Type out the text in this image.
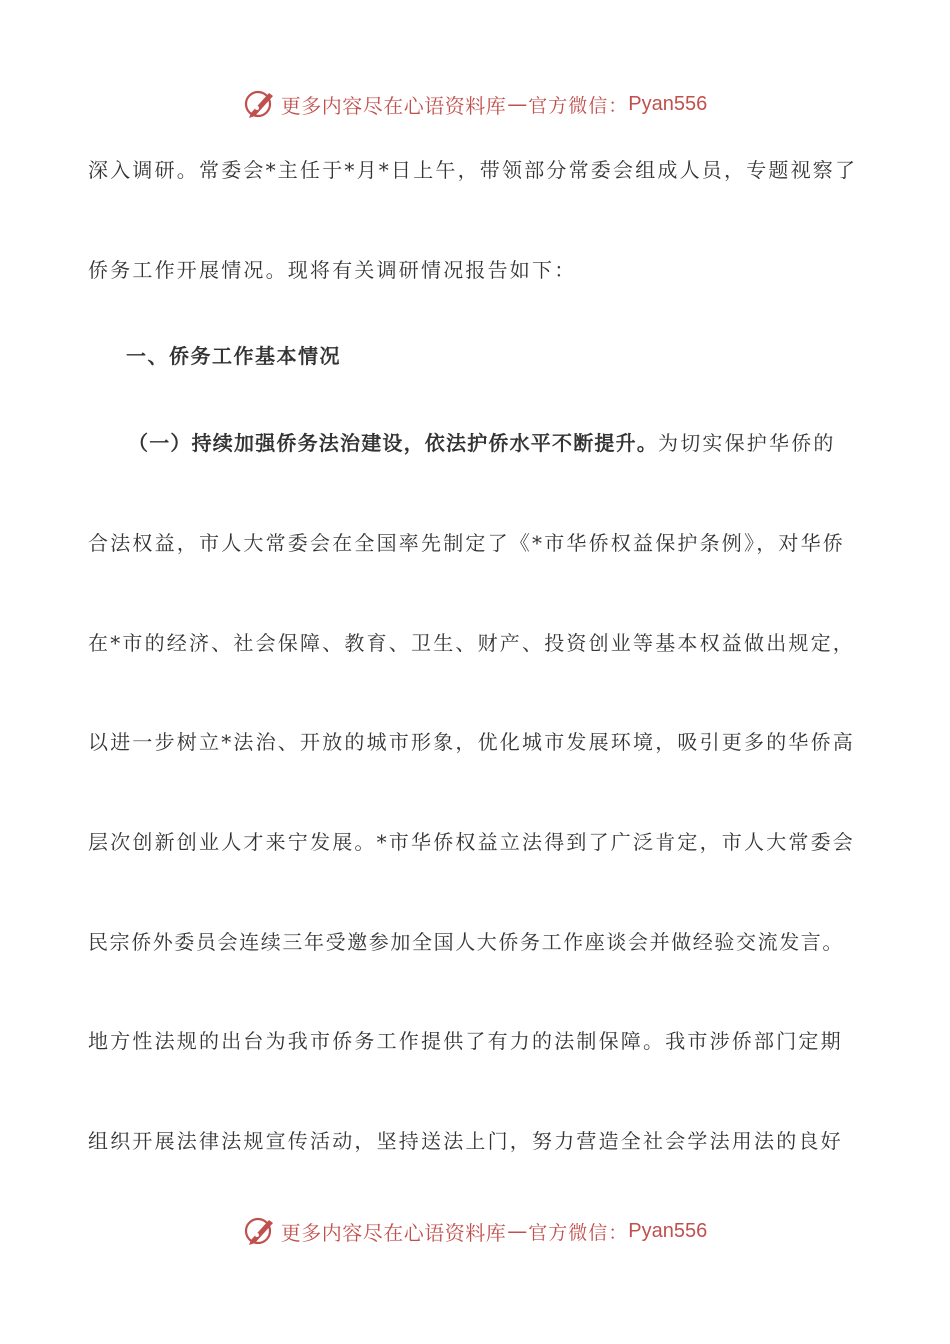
更多内容尽在心语资料库 — 官方微信： Pyan556
深入调研。常委会*主任于*月*日上午，带领部分常委会组成人员，专题视察了
侨务工作开展情况。现将有关调研情况报告如下：
一、侨务工作基本情况
（一）持续加强侨务法治建设，依法护侨水平不断提升。为切实保护华侨的
合法权益，市人大常委会在全国率先制定了《*市华侨权益保护条例》，对华侨
在*市的经济、社会保障、教育、卫生、财产、投资创业等基本权益做出规定，
以进一步树立*法治、开放的城市形象，优化城市发展环境，吸引更多的华侨高
层次创新创业人才来宁发展。*市华侨权益立法得到了广泛肯定，市人大常委会
民宗侨外委员会连续三年受邀参加全国人大侨务工作座谈会并做经验交流发言。
地方性法规的出台为我市侨务工作提供了有力的法制保障。我市涉侨部门定期
组织开展法律法规宣传活动，坚持送法上门，努力营造全社会学法用法的良好
更多内容尽在心语资料库 — 官方微信： Pyan556
